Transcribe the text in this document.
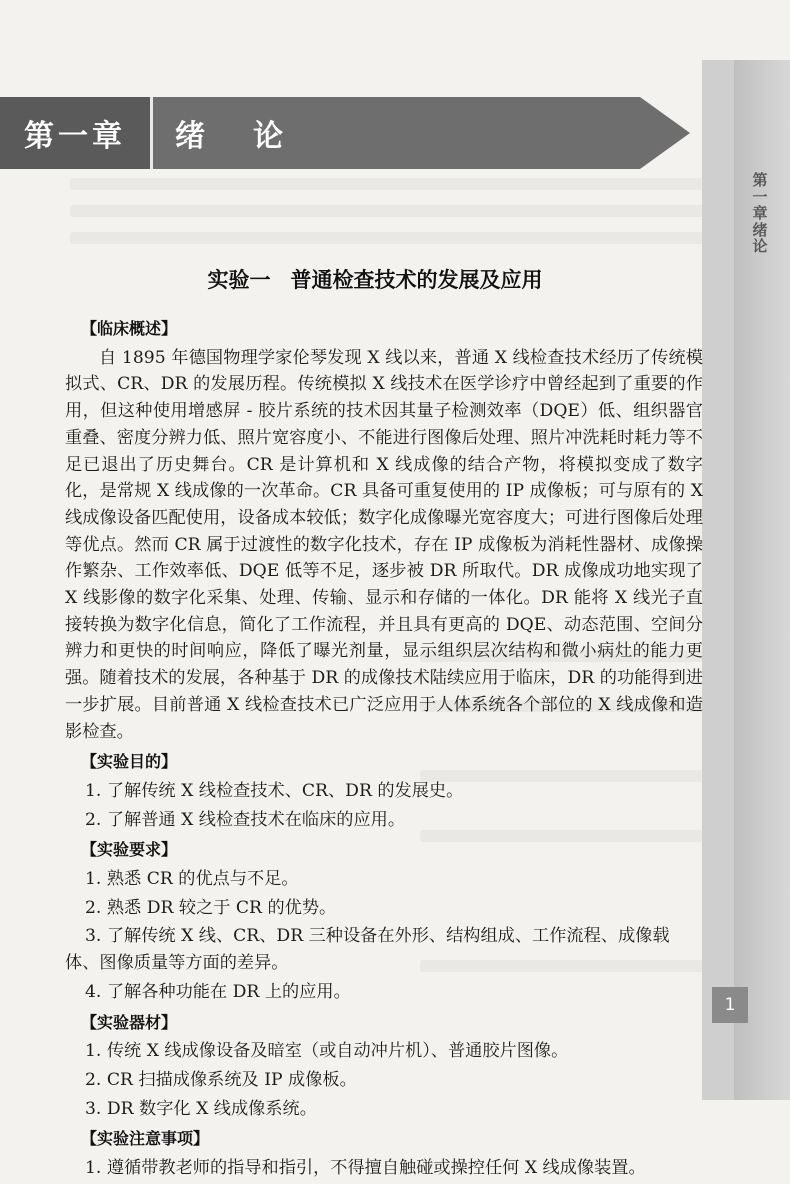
第一章 绪论
第一章	绪论
实验一 普通检查技术的发展及应用
【临床概述】

自 1895 年德国物理学家伦琴发现 X 线以来，普通 X 线检查技术经历了传统模拟式、CR、DR 的发展历程。传统模拟 X 线技术在医学诊疗中曾经起到了重要的作用，但这种使用增感屏 - 胶片系统的技术因其量子检测效率（DQE）低、组织器官重叠、密度分辨力低、照片宽容度小、不能进行图像后处理、照片冲洗耗时耗力等不足已退出了历史舞台。CR 是计算机和 X 线成像的结合产物，将模拟变成了数字化，是常规 X 线成像的一次革命。CR 具备可重复使用的 IP 成像板；可与原有的 X 线成像设备匹配使用，设备成本较低；数字化成像曝光宽容度大；可进行图像后处理等优点。然而 CR 属于过渡性的数字化技术，存在 IP 成像板为消耗性器材、成像操作繁杂、工作效率低、DQE 低等不足，逐步被 DR 所取代。DR 成像成功地实现了 X 线影像的数字化采集、处理、传输、显示和存储的一体化。DR 能将 X 线光子直接转换为数字化信息，简化了工作流程，并且具有更高的 DQE、动态范围、空间分辨力和更快的时间响应，降低了曝光剂量，显示组织层次结构和微小病灶的能力更强。随着技术的发展，各种基于 DR 的成像技术陆续应用于临床，DR 的功能得到进一步扩展。目前普通 X 线检查技术已广泛应用于人体系统各个部位的 X 线成像和造影检查。

【实验目的】
1. 了解传统 X 线检查技术、CR、DR 的发展史。
2. 了解普通 X 线检查技术在临床的应用。
【实验要求】
1. 熟悉 CR 的优点与不足。
2. 熟悉 DR 较之于 CR 的优势。
3. 了解传统 X 线、CR、DR 三种设备在外形、结构组成、工作流程、成像载体、图像质量等方面的差异。
4. 了解各种功能在 DR 上的应用。
【实验器材】
1. 传统 X 线成像设备及暗室（或自动冲片机）、普通胶片图像。
2. CR 扫描成像系统及 IP 成像板。
3. DR 数字化 X 线成像系统。
【实验注意事项】
1. 遵循带教老师的指导和指引，不得擅自触碰或操控任何 X 线成像装置。
1
